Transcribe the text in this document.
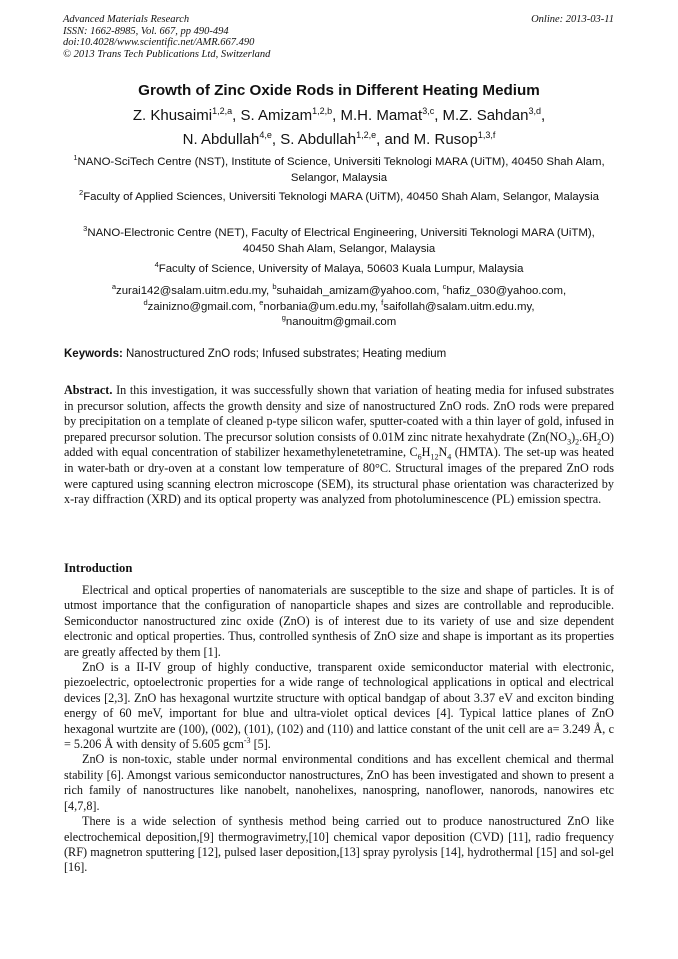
Advanced Materials Research
ISSN: 1662-8985, Vol. 667, pp 490-494
doi:10.4028/www.scientific.net/AMR.667.490
© 2013 Trans Tech Publications Ltd, Switzerland
Online: 2013-03-11
Growth of Zinc Oxide Rods in Different Heating Medium
Z. Khusaimi$^{1,2,a}$, S. Amizam$^{1,2,b}$, M.H. Mamat$^{3,c}$, M.Z. Sahdan$^{3,d}$,
N. Abdullah$^{4,e}$, S. Abdullah$^{1,2,e}$, and M. Rusop$^{1,3,f}$
$^1$NANO-SciTech Centre (NST), Institute of Science, Universiti Teknologi MARA (UiTM), 40450 Shah Alam, Selangor, Malaysia
$^2$Faculty of Applied Sciences, Universiti Teknologi MARA (UiTM), 40450 Shah Alam, Selangor, Malaysia
$^3$NANO-Electronic Centre (NET), Faculty of Electrical Engineering, Universiti Teknologi MARA (UiTM), 40450 Shah Alam, Selangor, Malaysia
$^4$Faculty of Science, University of Malaya, 50603 Kuala Lumpur, Malaysia
$^a$zurai142@salam.uitm.edu.my, $^b$suhaidah_amizam@yahoo.com, $^c$hafiz_030@yahoo.com,
$^d$zainizno@gmail.com, $^e$norbania@um.edu.my, $^f$saifollah@salam.uitm.edu.my,
$^g$nanouitm@gmail.com
Keywords: Nanostructured ZnO rods; Infused substrates; Heating medium
Abstract. In this investigation, it was successfully shown that variation of heating media for infused substrates in precursor solution, affects the growth density and size of nanostructured ZnO rods. ZnO rods were prepared by precipitation on a template of cleaned p-type silicon wafer, sputter-coated with a thin layer of gold, infused in prepared precursor solution. The precursor solution consists of 0.01M zinc nitrate hexahydrate $(Zn(NO_3)_2.6H_2O)$ added with equal concentration of stabilizer hexamethylenetetramine, $C_6H_{12}N_4$ (HMTA). The set-up was heated in water-bath or dry-oven at a constant low temperature of 80°C. Structural images of the prepared ZnO rods were captured using scanning electron microscope (SEM), its structural phase orientation was characterized by x-ray diffraction (XRD) and its optical property was analyzed from photoluminescence (PL) emission spectra.
Introduction

Electrical and optical properties of nanomaterials are susceptible to the size and shape of particles. It is of utmost importance that the configuration of nanoparticle shapes and sizes are controllable and reproducible. Semiconductor nanostructured zinc oxide (ZnO) is of interest due to its variety of use and size dependent electronic and optical properties. Thus, controlled synthesis of ZnO size and shape is important as its properties are greatly affected by them [1].

ZnO is a II-IV group of highly conductive, transparent oxide semiconductor material with electronic, piezoelectric, optoelectronic properties for a wide range of technological applications in optical and electrical devices [2,3]. ZnO has hexagonal wurtzite structure with optical bandgap of about 3.37 eV and exciton binding energy of 60 meV, important for blue and ultra-violet optical devices [4]. Typical lattice planes of ZnO hexagonal wurtzite are (100), (002), (101), (102) and (110) and lattice constant of the unit cell are a= 3.249 Å, c = 5.206 Å with density of 5.605 gcm$^{-3}$ [5].

ZnO is non-toxic, stable under normal environmental conditions and has excellent chemical and thermal stability [6]. Amongst various semiconductor nanostructures, ZnO has been investigated and shown to present a rich family of nanostructures like nanobelt, nanohelixes, nanospring, nanoflower, nanorods, nanowires etc [4,7,8].

There is a wide selection of synthesis method being carried out to produce nanostructured ZnO like electrochemical deposition,[9] thermogravimetry,[10] chemical vapor deposition (CVD) [11], radio frequency (RF) magnetron sputtering [12], pulsed laser deposition,[13] spray pyrolysis [14], hydrothermal [15] and sol-gel [16].
